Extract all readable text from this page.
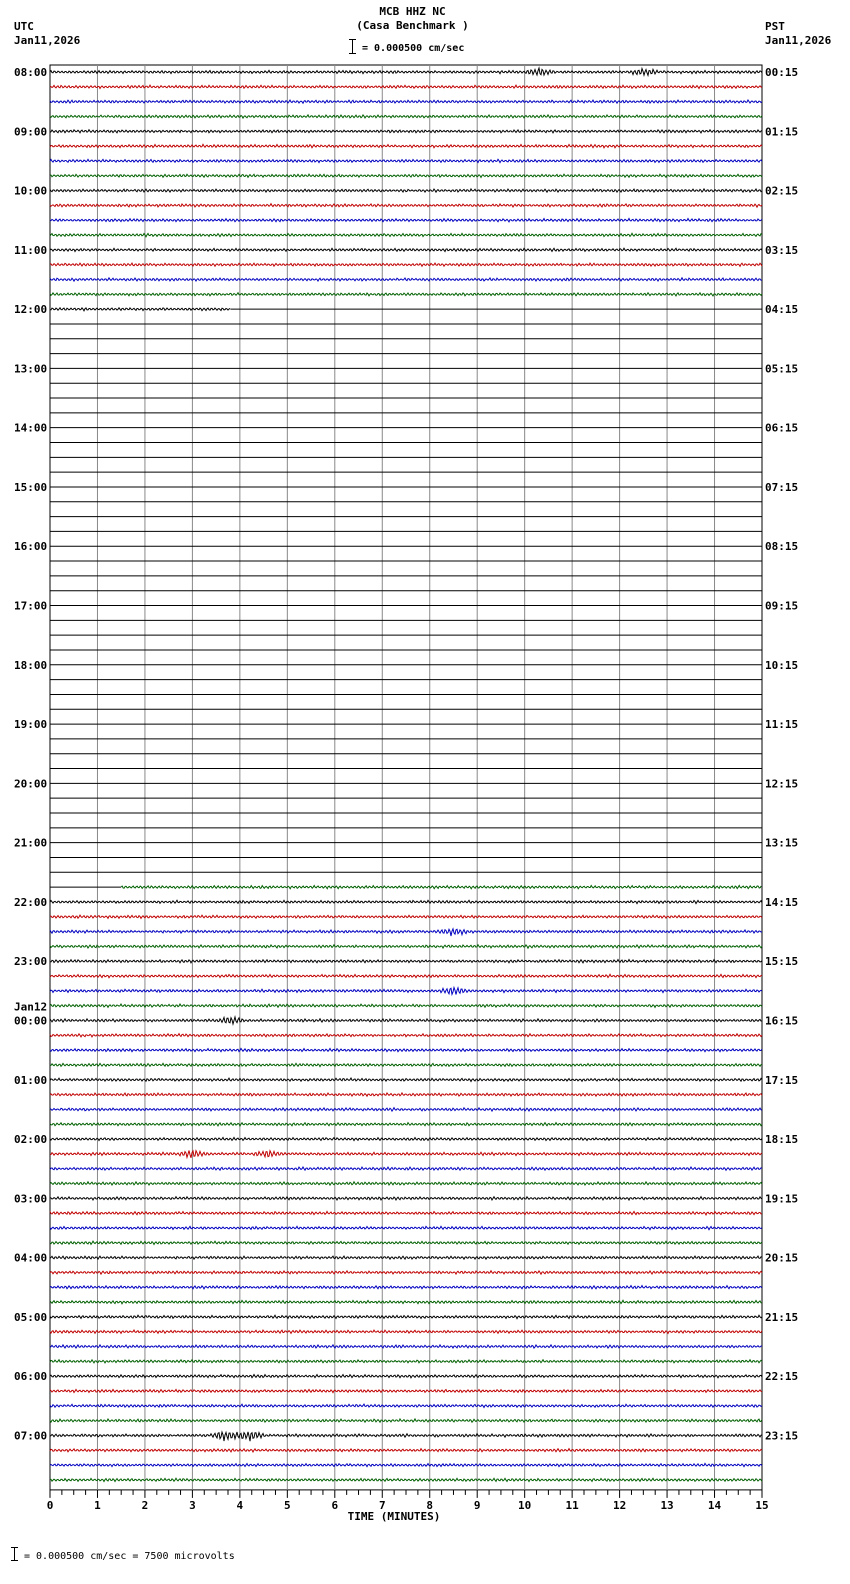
MCB HHZ NC
(Casa Benchmark )
= 0.000500 cm/sec
UTC
Jan11,2026
PST
Jan11,2026
0	1	2	3	4	5	6	7	8	9	10	11	12	13	14	15
TIME (MINUTES)
08:00
09:00
10:00
11:00
12:00
13:00
14:00
15:00
16:00
17:00
18:00
19:00
20:00
21:00
22:00
23:00
00:00
Jan12
01:00
02:00
03:00
04:00
05:00
06:00
07:00
00:15
01:15
02:15
03:15
04:15
05:15
06:15
07:15
08:15
09:15
10:15
11:15
12:15
13:15
14:15
15:15
16:15
17:15
18:15
19:15
20:15
21:15
22:15
23:15
= 0.000500 cm/sec = 7500 microvolts
